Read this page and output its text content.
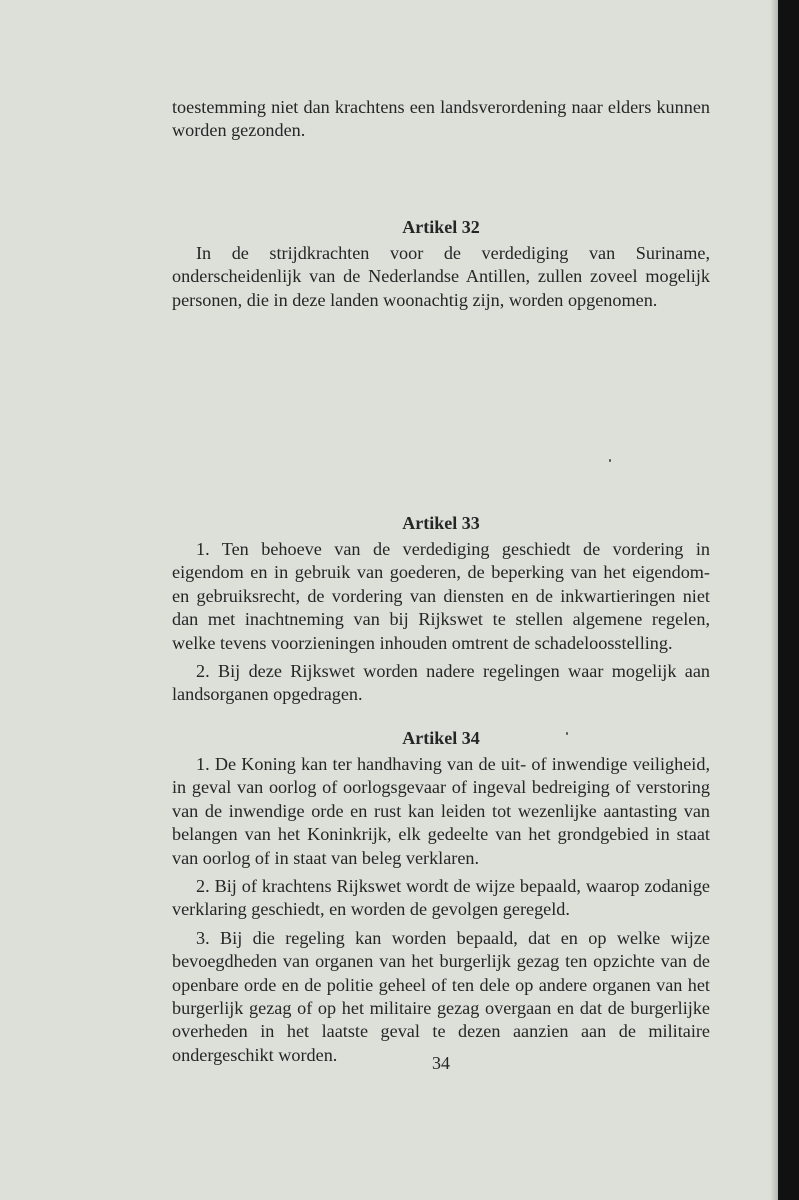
toestemming niet dan krachtens een landsverordening naar elders kunnen worden gezonden.

Artikel 32

In de strijdkrachten voor de verdediging van Suriname, onderscheidenlijk van de Nederlandse Antillen, zullen zoveel mogelijk personen, die in deze landen woonachtig zijn, worden opgenomen.

Artikel 33

1. Ten behoeve van de verdediging geschiedt de vordering in eigendom en in gebruik van goederen, de beperking van het eigendom- en gebruiksrecht, de vordering van diensten en de inkwartieringen niet dan met inachtneming van bij Rijkswet te stellen algemene regelen, welke tevens voorzieningen inhouden omtrent de schadeloosstelling.

2. Bij deze Rijkswet worden nadere regelingen waar mogelijk aan landsorganen opgedragen.

Artikel 34

1. De Koning kan ter handhaving van de uit- of inwendige veiligheid, in geval van oorlog of oorlogsgevaar of ingeval bedreiging of verstoring van de inwendige orde en rust kan leiden tot wezenlijke aantasting van belangen van het Koninkrijk, elk gedeelte van het grondgebied in staat van oorlog of in staat van beleg verklaren.

2. Bij of krachtens Rijkswet wordt de wijze bepaald, waarop zodanige verklaring geschiedt, en worden de gevolgen geregeld.

3. Bij die regeling kan worden bepaald, dat en op welke wijze bevoegdheden van organen van het burgerlijk gezag ten opzichte van de openbare orde en de politie geheel of ten dele op andere organen van het burgerlijk gezag of op het militaire gezag overgaan en dat de burgerlijke overheden in het laatste geval te dezen aanzien aan de militaire ondergeschikt worden.	34
